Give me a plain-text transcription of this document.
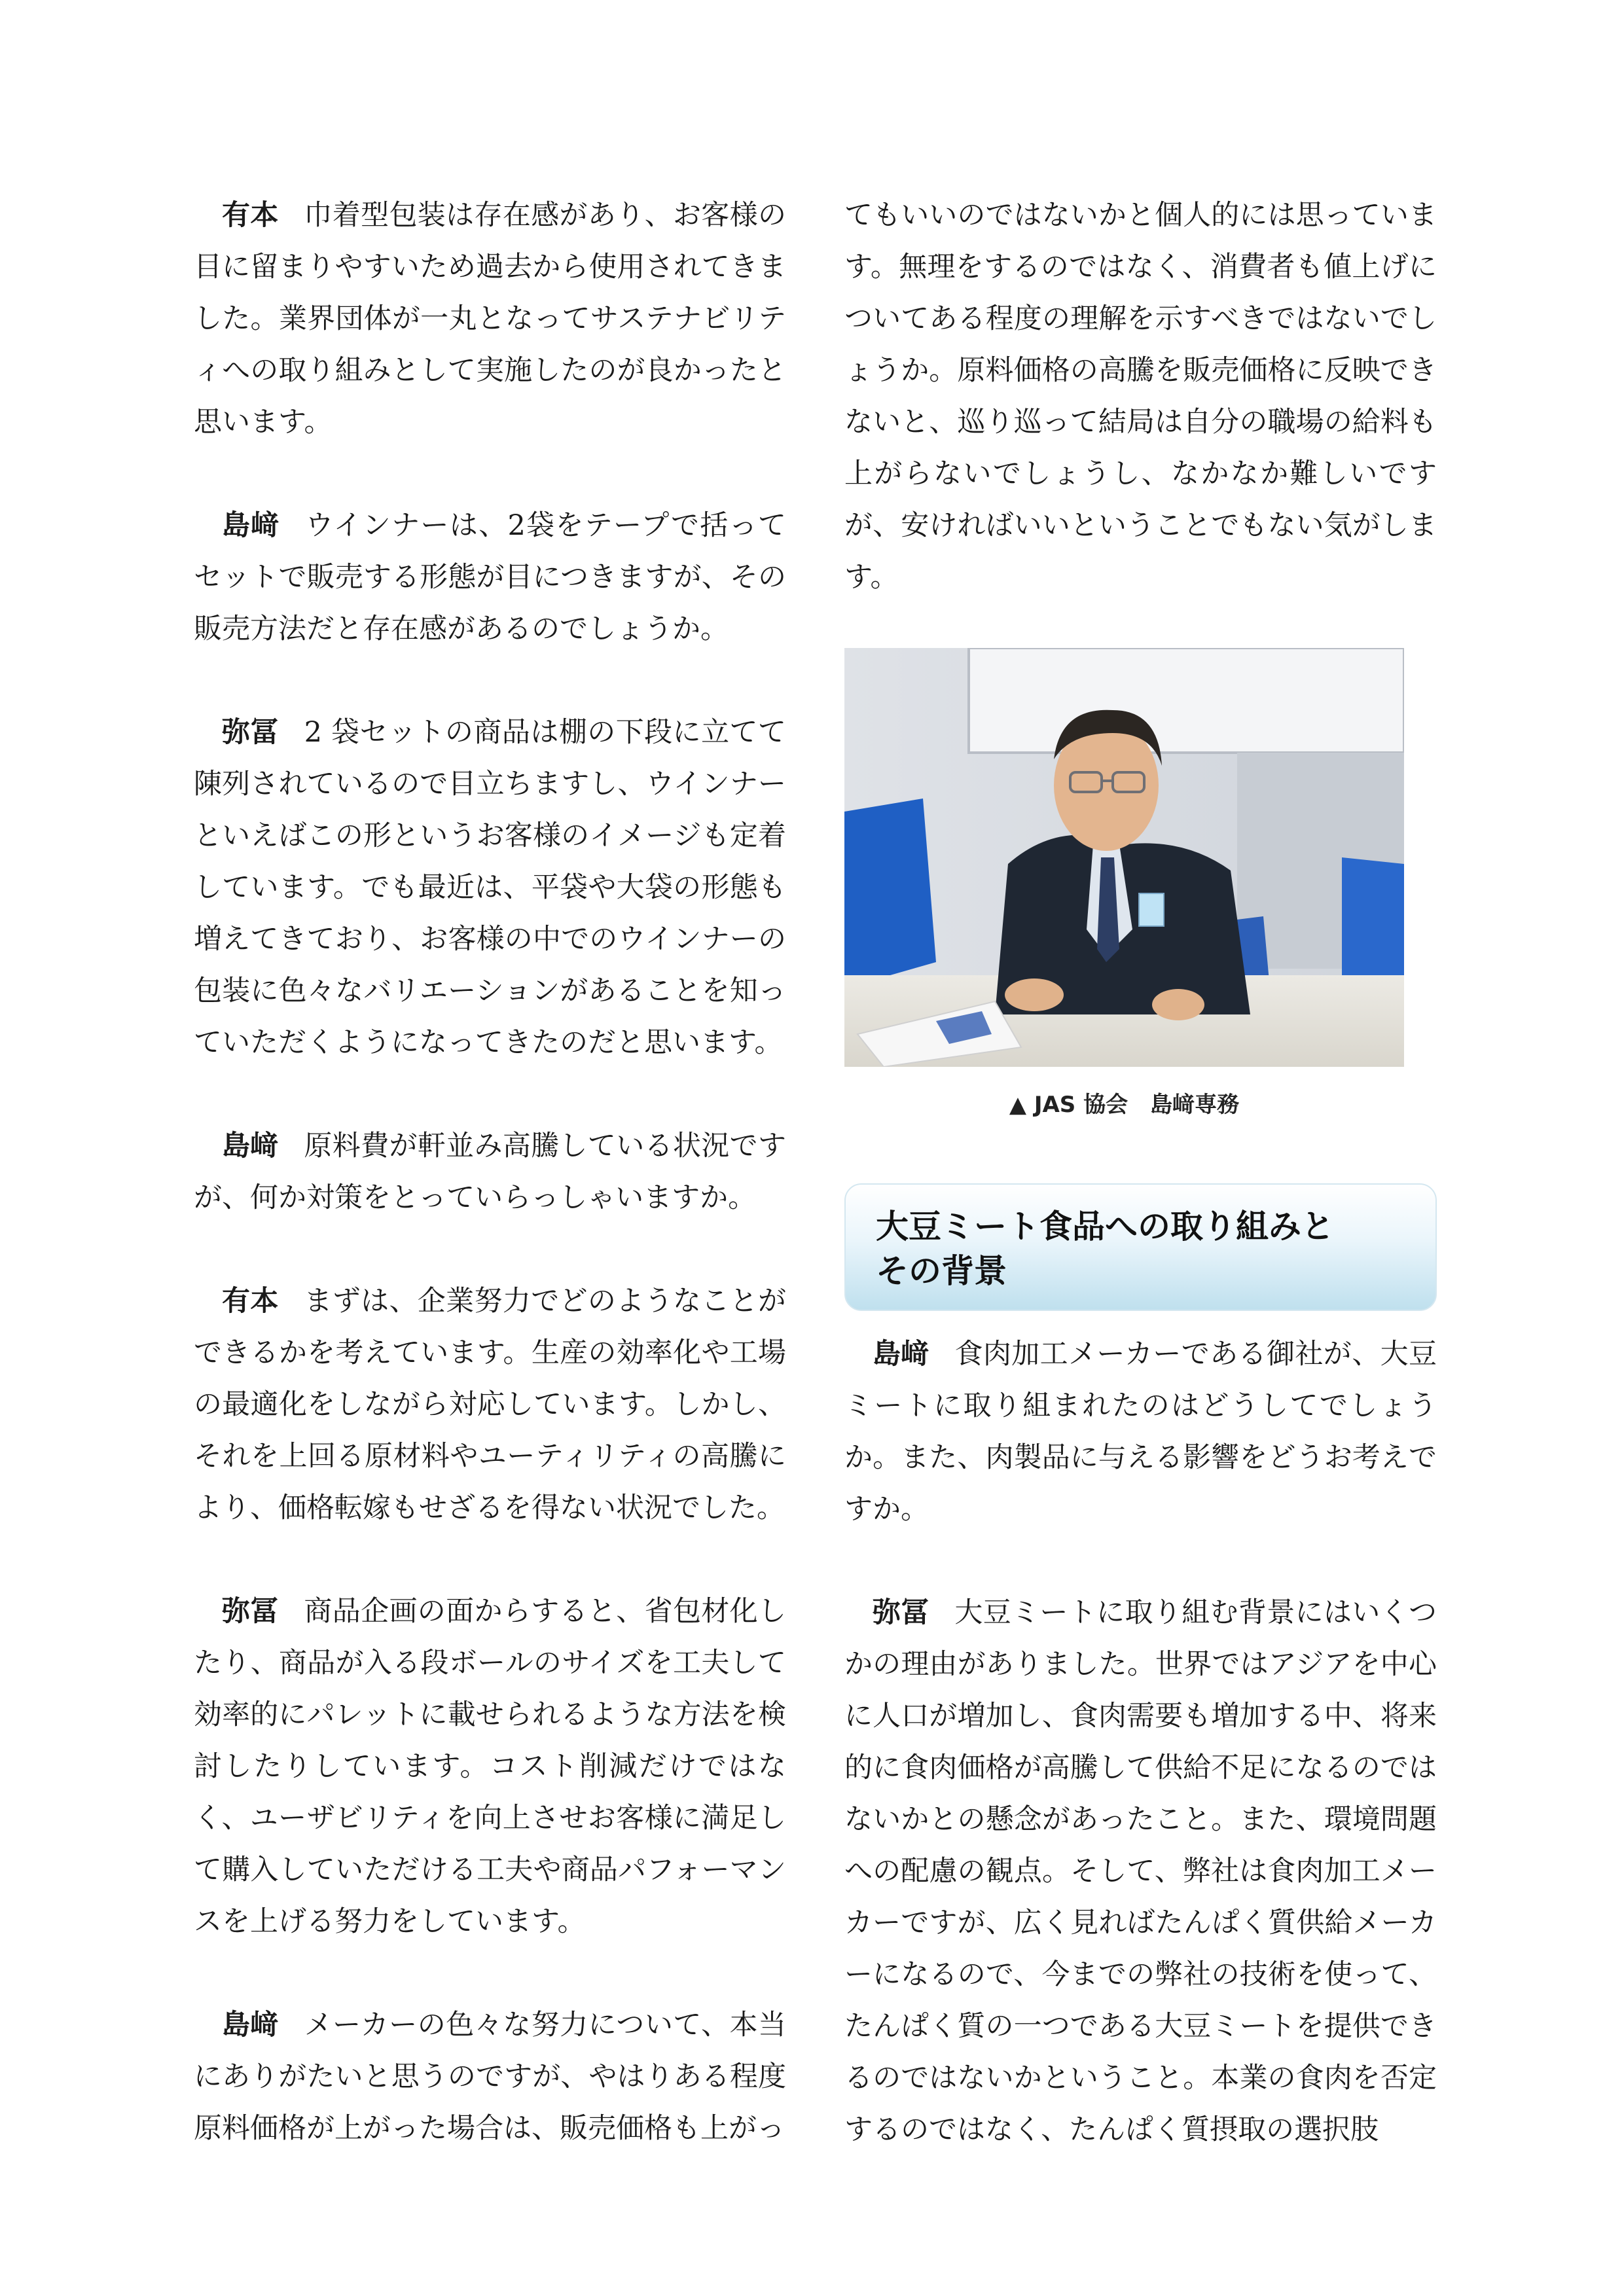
有本 巾着型包装は存在感があり、お客様の目に留まりやすいため過去から使用されてきました。業界団体が一丸となってサステナビリティへの取り組みとして実施したのが良かったと思います。

島﨑 ウインナーは、2袋をテープで括ってセットで販売する形態が目につきますが、その販売方法だと存在感があるのでしょうか。

弥冨 2 袋セットの商品は棚の下段に立てて陳列されているので目立ちますし、ウインナーといえばこの形というお客様のイメージも定着しています。でも最近は、平袋や大袋の形態も増えてきており、お客様の中でのウインナーの包装に色々なバリエーションがあることを知っていただくようになってきたのだと思います。

島﨑 原料費が軒並み高騰している状況ですが、何か対策をとっていらっしゃいますか。

有本 まずは、企業努力でどのようなことができるかを考えています。生産の効率化や工場の最適化をしながら対応しています。しかし、それを上回る原材料やユーティリティの高騰により、価格転嫁もせざるを得ない状況でした。

弥冨 商品企画の面からすると、省包材化したり、商品が入る段ボールのサイズを工夫して効率的にパレットに載せられるような方法を検討したりしています。コスト削減だけではなく、ユーザビリティを向上させお客様に満足して購入していただける工夫や商品パフォーマンスを上げる努力をしています。

島﨑 メーカーの色々な努力について、本当にありがたいと思うのですが、やはりある程度原料価格が上がった場合は、販売価格も上がっ

てもいいのではないかと個人的には思っています。無理をするのではなく、消費者も値上げについてある程度の理解を示すべきではないでしょうか。原料価格の高騰を販売価格に反映できないと、巡り巡って結局は自分の職場の給料も上がらないでしょうし、なかなか難しいですが、安ければいいということでもない気がします。

▲ JAS 協会　島﨑専務
大豆ミート食品への取り組みと
その背景

島﨑 食肉加工メーカーである御社が、大豆ミートに取り組まれたのはどうしてでしょうか。また、肉製品に与える影響をどうお考えですか。

弥冨 大豆ミートに取り組む背景にはいくつかの理由がありました。世界ではアジアを中心に人口が増加し、食肉需要も増加する中、将来的に食肉価格が高騰して供給不足になるのではないかとの懸念があったこと。また、環境問題への配慮の観点。そして、弊社は食肉加工メーカーですが、広く見ればたんぱく質供給メーカーになるので、今までの弊社の技術を使って、たんぱく質の一つである大豆ミートを提供できるのではないかということ。本業の食肉を否定するのではなく、たんぱく質摂取の選択肢
